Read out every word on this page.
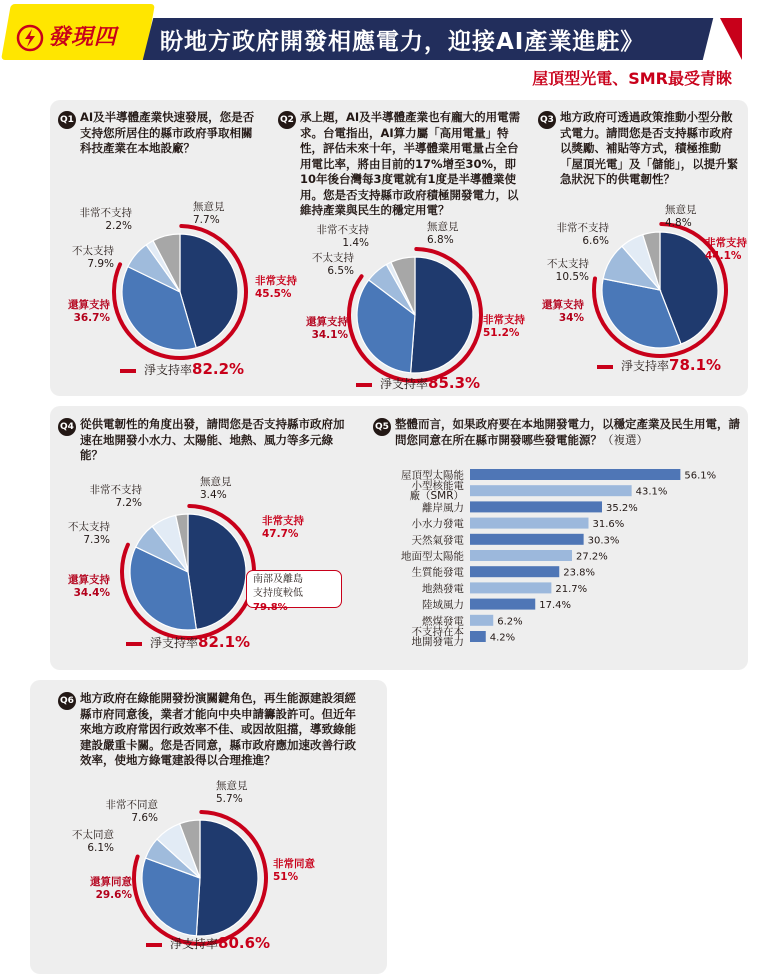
發現四 盼地方政府開發相應電力，迎接AI產業進駐》
屋頂型光電、SMR最受青睞
Q1 AI及半導體產業快速發展，您是否支持您所居住的縣市政府爭取相關科技產業在本地設廠？
非常不支持
2.2%
無意見
7.7%
不太支持
7.9%
還算支持
36.7%
非常支持
45.5%
淨支持率82.2%
Q2 承上題，AI及半導體產業也有龐大的用電需求。台電指出，AI算力屬「高用電量」特性，評估未來十年，半導體業用電量占全台用電比率，將由目前的17%增至30%，即10年後台灣每3度電就有1度是半導體業使用。您是否支持縣市政府積極開發電力，以維持產業與民生的穩定用電？
非常不支持
1.4%
無意見
6.8%
不太支持
6.5%
還算支持
34.1%
非常支持
51.2%
淨支持率85.3%
Q3 地方政府可透過政策推動小型分散式電力。請問您是否支持縣市政府以獎勵、補貼等方式，積極推動「屋頂光電」及「儲能」，以提升緊急狀況下的供電韌性？
非常不支持
6.6%
無意見
4.8%
不太支持
10.5%
還算支持
34%
非常支持
44.1%
淨支持率78.1%
Q4 從供電韌性的角度出發，請問您是否支持縣市政府加速在地開發小水力、太陽能、地熱、風力等多元綠能？
非常不支持
7.2%
無意見
3.4%
不太支持
7.3%
還算支持
34.4%
非常支持
47.7%
南部及離島
支持度較低79.8%
淨支持率82.1%
Q5 整體而言，如果政府要在本地開發電力，以穩定產業及民生用電，請問您同意在所在縣市開發哪些發電能源？（複選）
屋頂型太陽能	56.1%
小型核能電廠（SMR）	43.1%
離岸風力	35.2%
小水力發電	31.6%
天然氣發電	30.3%
地面型太陽能	27.2%
生質能發電	23.8%
地熱發電	21.7%
陸域風力	17.4%
燃煤發電	6.2%
不支持在本地開發電力	4.2%
Q6 地方政府在綠能開發扮演關鍵角色，再生能源建設須經縣市府同意後，業者才能向中央申請籌設許可。但近年來地方政府常因行政效率不佳、或因故阻擋，導致綠能建設嚴重卡關。您是否同意，縣市政府應加速改善行政效率，使地方綠電建設得以合理推進？
非常不同意
7.6%
無意見
5.7%
不太同意
6.1%
還算同意
29.6%
非常同意
51%
淨支持率80.6%
